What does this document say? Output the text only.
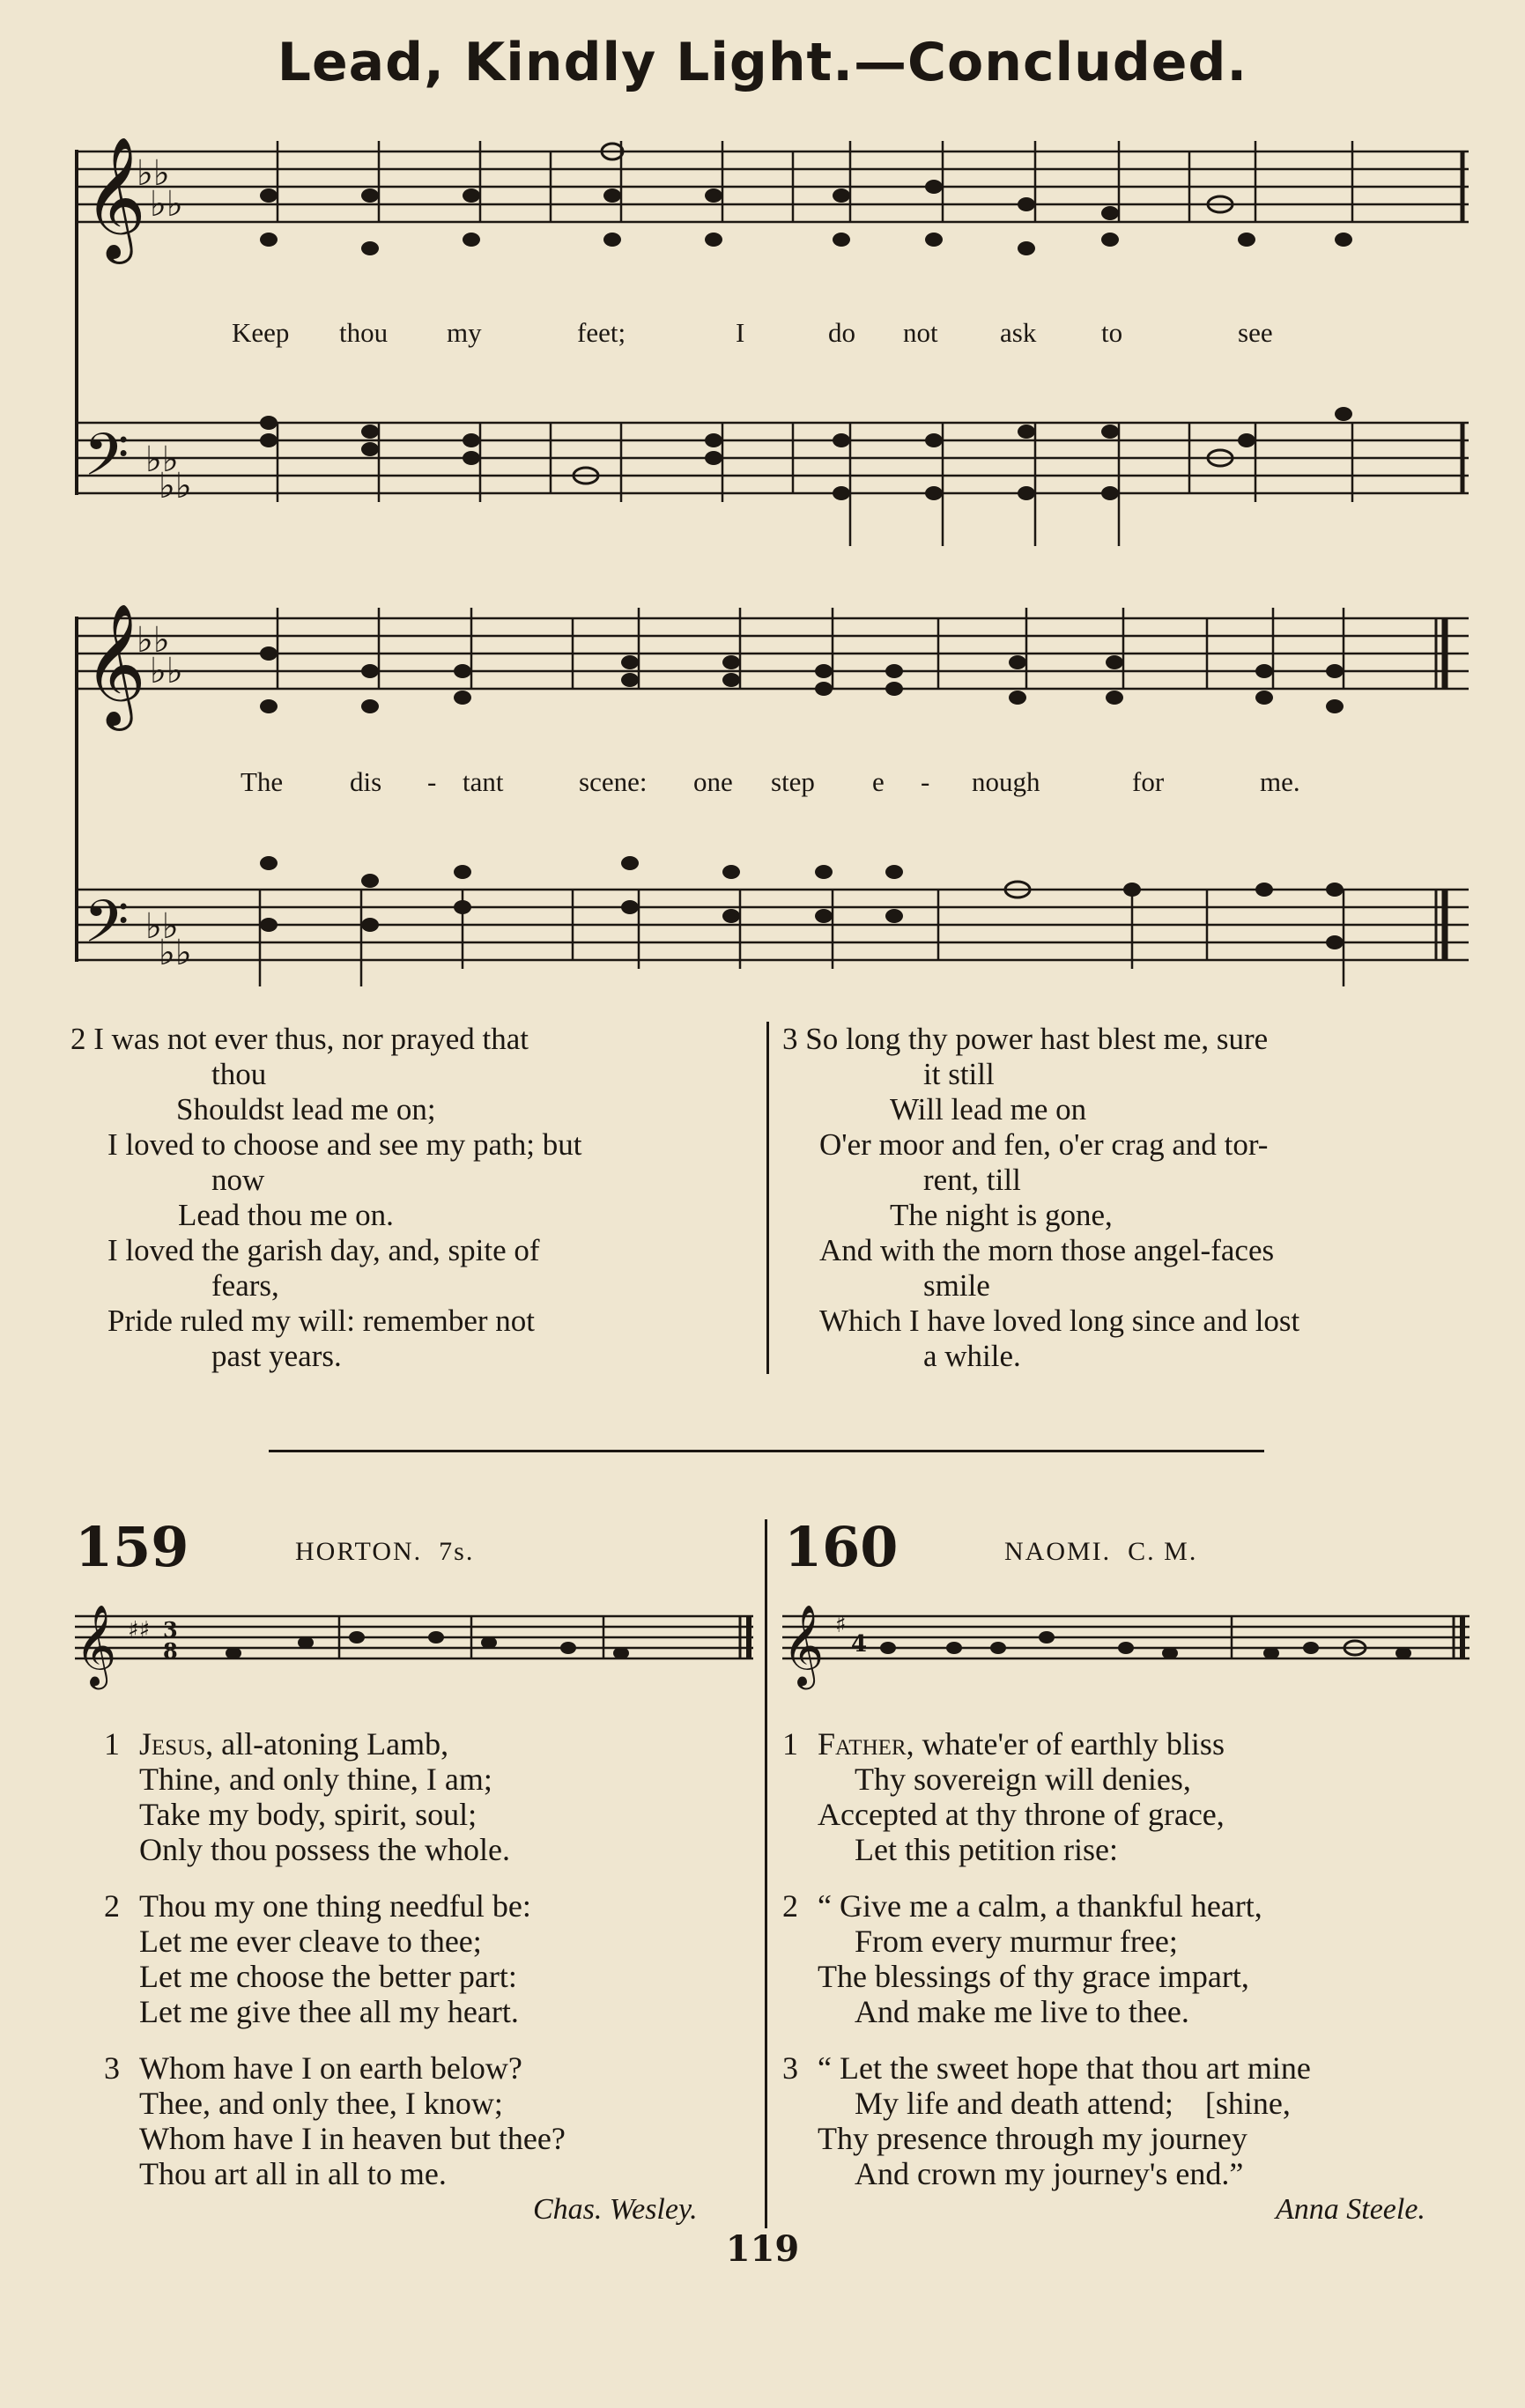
Lead, Kindly Light.—Concluded.
𝄞
♭♭
♭♭
𝄢 ♭♭
♭♭
Keep thou my	feet;	I	do not ask to	see
𝄞
♭♭
♭♭
𝄢 ♭♭
♭♭
The dis - tant	scene: one step e - nough	for	me.
2 I was not ever thus, nor prayed that
thou
Shouldst lead me on;
I loved to choose and see my path; but
now
Lead thou me on.
I loved the garish day, and, spite of
fears,
Pride ruled my will: remember not
past years.
3 So long thy power hast blest me, sure
it still
Will lead me on
O'er moor and fen, o'er crag and tor-
rent, till
The night is gone,
And with the morn those angel-faces
smile
Which I have loved long since and lost
a while.
159	HORTON. 7s.
𝄞 ♯♯ 3
8
1 Jesus, all-atoning Lamb,
Thine, and only thine, I am;
Take my body, spirit, soul;
Only thou possess the whole.
2 Thou my one thing needful be:
Let me ever cleave to thee;
Let me choose the better part:
Let me give thee all my heart.
3 Whom have I on earth below?
Thee, and only thee, I know;
Whom have I in heaven but thee?
Thou art all in all to me.
Chas. Wesley.
160	NAOMI. C. M.
𝄞 ♯
4
1 Father, whate'er of earthly bliss
Thy sovereign will denies,
Accepted at thy throne of grace,
Let this petition rise:
2 “ Give me a calm, a thankful heart,
From every murmur free;
The blessings of thy grace impart,
And make me live to thee.
3 “ Let the sweet hope that thou art mine
My life and death attend;    [shine,
Thy presence through my journey
And crown my journey's end.”
Anna Steele.
119
